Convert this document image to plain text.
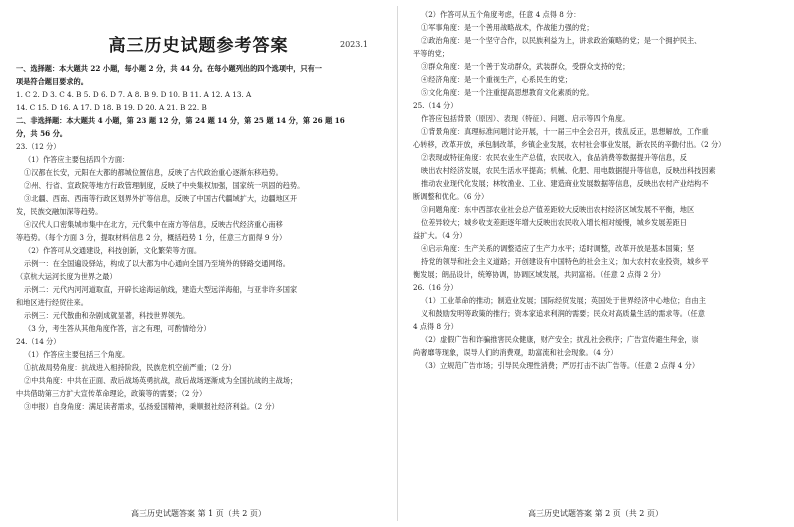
高三历史试题参考答案	2023.1
一、选择题：本大题共 22 小题，每小题 2 分，共 44 分。在每小题列出的四个选项中，只有一
项是符合题目要求的。
1. C 2. D 3. C 4. B 5. D 6. D 7. A 8. B 9. D 10. B 11. A 12. A 13. A
14. C 15. D 16. A 17. D 18. B 19. D 20. A 21. B 22. B
二、非选择题：本大题共 4 小题，第 23 题 12 分，第 24 题 14 分，第 25 题 14 分，第 26 题 16
分，共 56 分。
23.（12 分）
（1）作答应主要包括四个方面：
①汉都在长安，元阳在大都的都城位置信息，反映了古代政治重心逐渐东移趋势。
②州、行省、宣政院等地方行政管理制度，反映了中央集权加强，国家统一巩固的趋势。
③北疆、西南、西南等行政区划界外扩等信息，反映了中国古代疆域扩大，边疆地区开
发，民族交融加深等趋势。
④汉代人口密集城市集中在北方，元代集中在南方等信息，反映古代经济重心南移
等趋势。（每个方面 3 分，提取材料信息 2 分，概括趋势 1 分，任意三方面得 9 分）
（2）作答可从交通建设，科技创新，文化繁荣等方面。
示例一：在全国遍设驿站，构成了以大都为中心通向全国乃至境外的驿路交通网络。
（京杭大运河长度为世界之最）
示例二：元代内河河道取直，开辟长途海运航线，建造大型远洋海船，与亚非许多国家
和地区进行经贸往来。
示例三：元代散曲和杂剧成就显著，科技世界领先。
（3 分，考生答从其他角度作答，言之有理，可酌情给分）
24.（14 分）
（1）作答应主要包括三个角度。
①抗战局势角度：抗战进入相持阶段，民族危机空前严重；（2 分）
②中共角度：中共在正面、敌后战场英勇抗战，敌后战场逐渐成为全国抗战的主战场；
中共借助第三方扩大宣传革命理论，政策等的需要；（2 分）
③申报）自身角度：满足读者需求，弘扬爱国精神，秉顺报社经济利益。（2 分）
高三历史试题答案 第 1 页（共 2 页）
（2）作答可从五个角度考虑，任意 4 点得 8 分：
①军事角度：是一个善用战略战术，作战能力强的党；
②政治角度：是一个坚守合作，以民族利益为上，讲求政治策略的党；是一个拥护民主、
平等的党；
③群众角度：是一个善于发动群众，武装群众，受群众支持的党；
④经济角度：是一个重视生产，心系民生的党；
⑤文化角度：是一个注重提高思想教育文化素质的党。
25.（14 分）
作答应包括背景（原因）、表现（特征）、问题、启示等四个角度。
①背景角度：真理标准问题讨论开展，十一届三中全会召开，拨乱反正，思想解放，工作重
心转移，改革开放，承包制改革，乡镇企业发展，农村社会事业发展，新农民的辛勤付出。（2 分）
②表现或特征角度：农民农业生产总值，农民收入，食品消费等数据提升等信息，反
映出农村经济发展，农民生活水平提高；机械、化肥、用电数据提升等信息，反映出科技因素
推动农业现代化发展；林牧渔业、工业、建造商业发展数据等信息，反映出农村产业结构不
断调整和优化。（6 分）
③问题角度：东中西部农业社会总产值差距较大反映出农村经济区域发展不平衡，地区
位差异较大；城乡收支差距逐年增大反映出农民收入增长相对缓慢，城乡发展差距日
益扩大。（4 分）
④启示角度：生产关系的调整适应了生产力水平；适时调整，改革开放是基本国策；坚
持党的领导和社会主义道路；开创建设有中国特色的社会主义；加大农村农业投资，城乡平
衡发展；朗品设计，统筹协调，协调区域发展，共同富裕。（任意 2 点得 2 分）
26.（16 分）
（1）工业革命的推动；制造业发展；国际经贸发展；英国处于世界经济中心地位；自由主
义和鼓励发明等政策的推行；资本家追求利润的需要；民众对高质量生活的需求等。（任意
4 点得 8 分）
（2）虚假广告和诈骗推害民众健康，财产安全；扰乱社会秩序；广告宣传避生拜金，崇
尚奢靡等现象，误导人们的消费观，助富流和社会现象。（4 分）
（3）立规范广告市场；引导民众理性消费；严厉打击不法广告等。（任意 2 点得 4 分）
高三历史试题答案 第 2 页（共 2 页）
